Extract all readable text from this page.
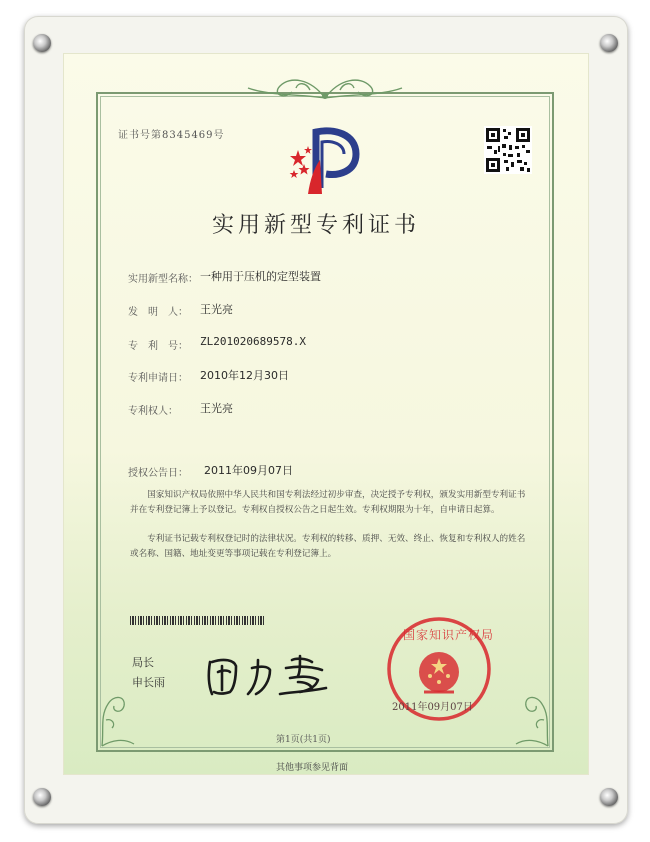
证书号第8345469号
实用新型专利证书
实用新型名称： 一种用于压机的定型装置
发　明　人： 王光亮
专　利　号： ZL201020689578.X
专利申请日： 2010年12月30日
专利权人： 王光亮
授权公告日： 2011年09月07日
国家知识产权局依照中华人民共和国专利法经过初步审查，决定授予专利权，颁发实用新型专利证书并在专利登记簿上予以登记。专利权自授权公告之日起生效。专利权期限为十年，自申请日起算。
专利证书记载专利权登记时的法律状况。专利权的转移、质押、无效、终止、恢复和专利权人的姓名或名称、国籍、地址变更等事项记载在专利登记簿上。
局长
申长雨
国家知识产权局
2011年09月07日
第1页(共1页)
其他事项参见背面
